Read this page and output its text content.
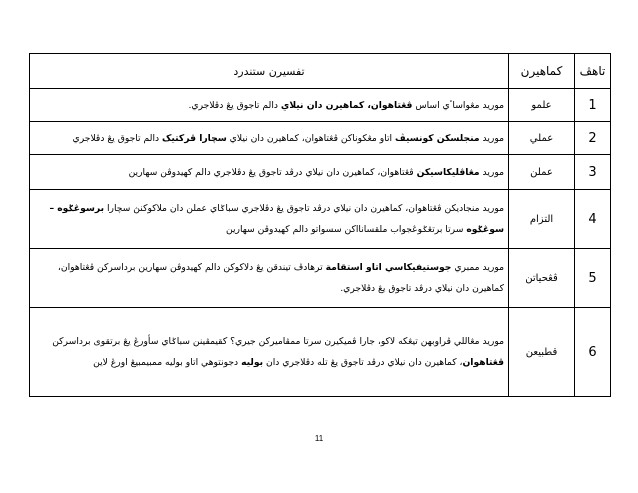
تاهڤ	كماهيرن	تفسيرن ستندرد
1	علمو	موريد مڠواساٴي اساس ڤڠتاهوان، كماهيرن دان نيلاي دالم تاجوق يڠ دڤلاجري.
2	عملي	موريد منجلسكن كونسيڤ اتاو مڠكوناكن ڤڠتاهوان، كماهيرن دان نيلاي سچارا ڤركتيک دالم تاجوق يڠ دڤلاجري
3	عملن	موريد مڠاڤليكاسيكن ڤڠتاهوان، كماهيرن دان نيلاي درڤد تاجوق يڠ دڤلاجري دالم كهيدوڤن سهارين
4	التزام	موريد منجاديكن ڤڠتاهوان، كماهيرن دان نيلاي درڤد تاجوق يڠ دڤلاجري سباݢاي عملن دان ملاكوكنڽ سچارا برسوڠݢوه – سوڠݢوه سرتا برتڠݢوڠجواب ملقسانااكن سسواتو دالم كهيدوڤن سهارين
5	ڤڠحياتن	موريد ممبري جوستيفيكاسي اتاو استقامة ترهادڤ تيندقن يڠ دلاكوكن دالم كهيدوڤن سهارين برداسركن ڤڠتاهوان، كماهيرن دان نيلاي درڤد تاجوق يڠ دڤلاجري.
6	قطبيعن	موريد مڠاللي ڤراوبهن تيڠكه لاكو، جارا ڤميكيرن سرتا ممڤاميركن جيري؟ كقيمڤينن سباݢاي سأورڠ يڠ برتقوى برداسركن ڤڠتاهوان، كماهيرن دان نيلاي درڤد تاجوق يڠ تله دڤلاجري دان بوليه دجونتوهي اتاو بوليه ممبيمبيڠ اورڠ لاين
11
